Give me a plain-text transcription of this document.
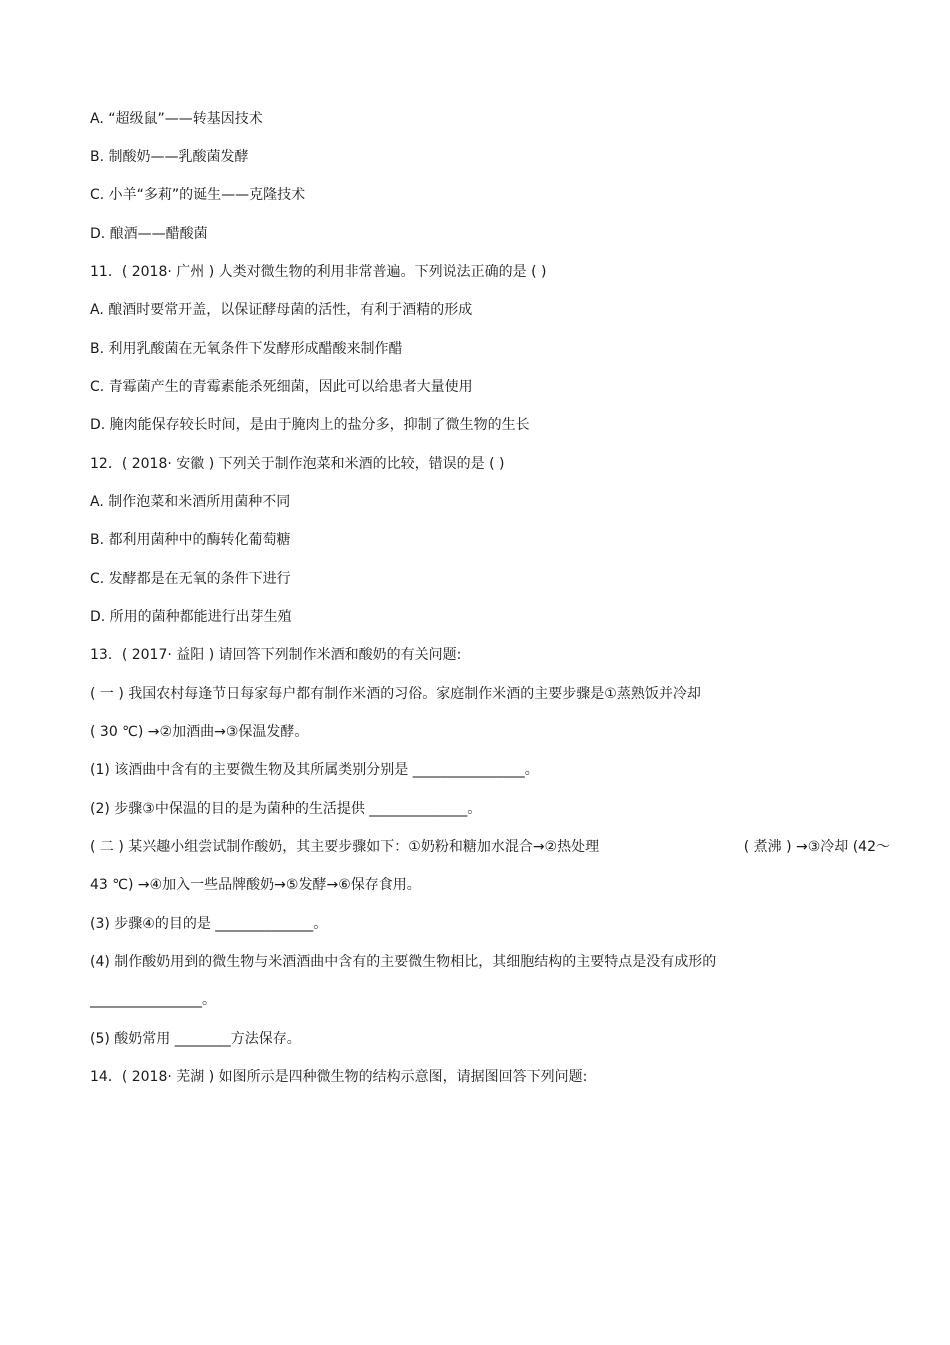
A. “超级鼠”——转基因技术
B. 制酸奶——乳酸菌发酵
C. 小羊“多莉”的诞生——克隆技术
D. 酿酒——醋酸菌
11．( 2018· 广州 ) 人类对微生物的利用非常普遍。下列说法正确的是 ( )
A. 酿酒时要常开盖，以保证酵母菌的活性，有利于酒精的形成
B. 利用乳酸菌在无氧条件下发酵形成醋酸来制作醋
C. 青霉菌产生的青霉素能杀死细菌，因此可以给患者大量使用
D. 腌肉能保存较长时间，是由于腌肉上的盐分多，抑制了微生物的生长
12．( 2018· 安徽 ) 下列关于制作泡菜和米酒的比较，错误的是 ( )
A. 制作泡菜和米酒所用菌种不同
B. 都利用菌种中的酶转化葡萄糖
C. 发酵都是在无氧的条件下进行
D. 所用的菌种都能进行出芽生殖
13．( 2017· 益阳 ) 请回答下列制作米酒和酸奶的有关问题:
( 一 ) 我国农村每逢节日每家每户都有制作米酒的习俗。家庭制作米酒的主要步骤是①蒸熟饭并冷却
( 30 ℃) →②加酒曲→③保温发酵。
(1) 该酒曲中含有的主要微生物及其所属类别分别是 ________________。
(2) 步骤③中保温的目的是为菌种的生活提供 ______________。
( 二 ) 某兴趣小组尝试制作酸奶，其主要步骤如下：①奶粉和糖加水混合→②热处理	( 煮沸 ) →③冷却 (42～
43 ℃) →④加入一些品牌酸奶→⑤发酵→⑥保存食用。
(3) 步骤④的目的是 ______________。
(4) 制作酸奶用到的微生物与米酒酒曲中含有的主要微生物相比，其细胞结构的主要特点是没有成形的
________________。
(5) 酸奶常用 ________方法保存。
14．( 2018· 芜湖 ) 如图所示是四种微生物的结构示意图，请据图回答下列问题:
